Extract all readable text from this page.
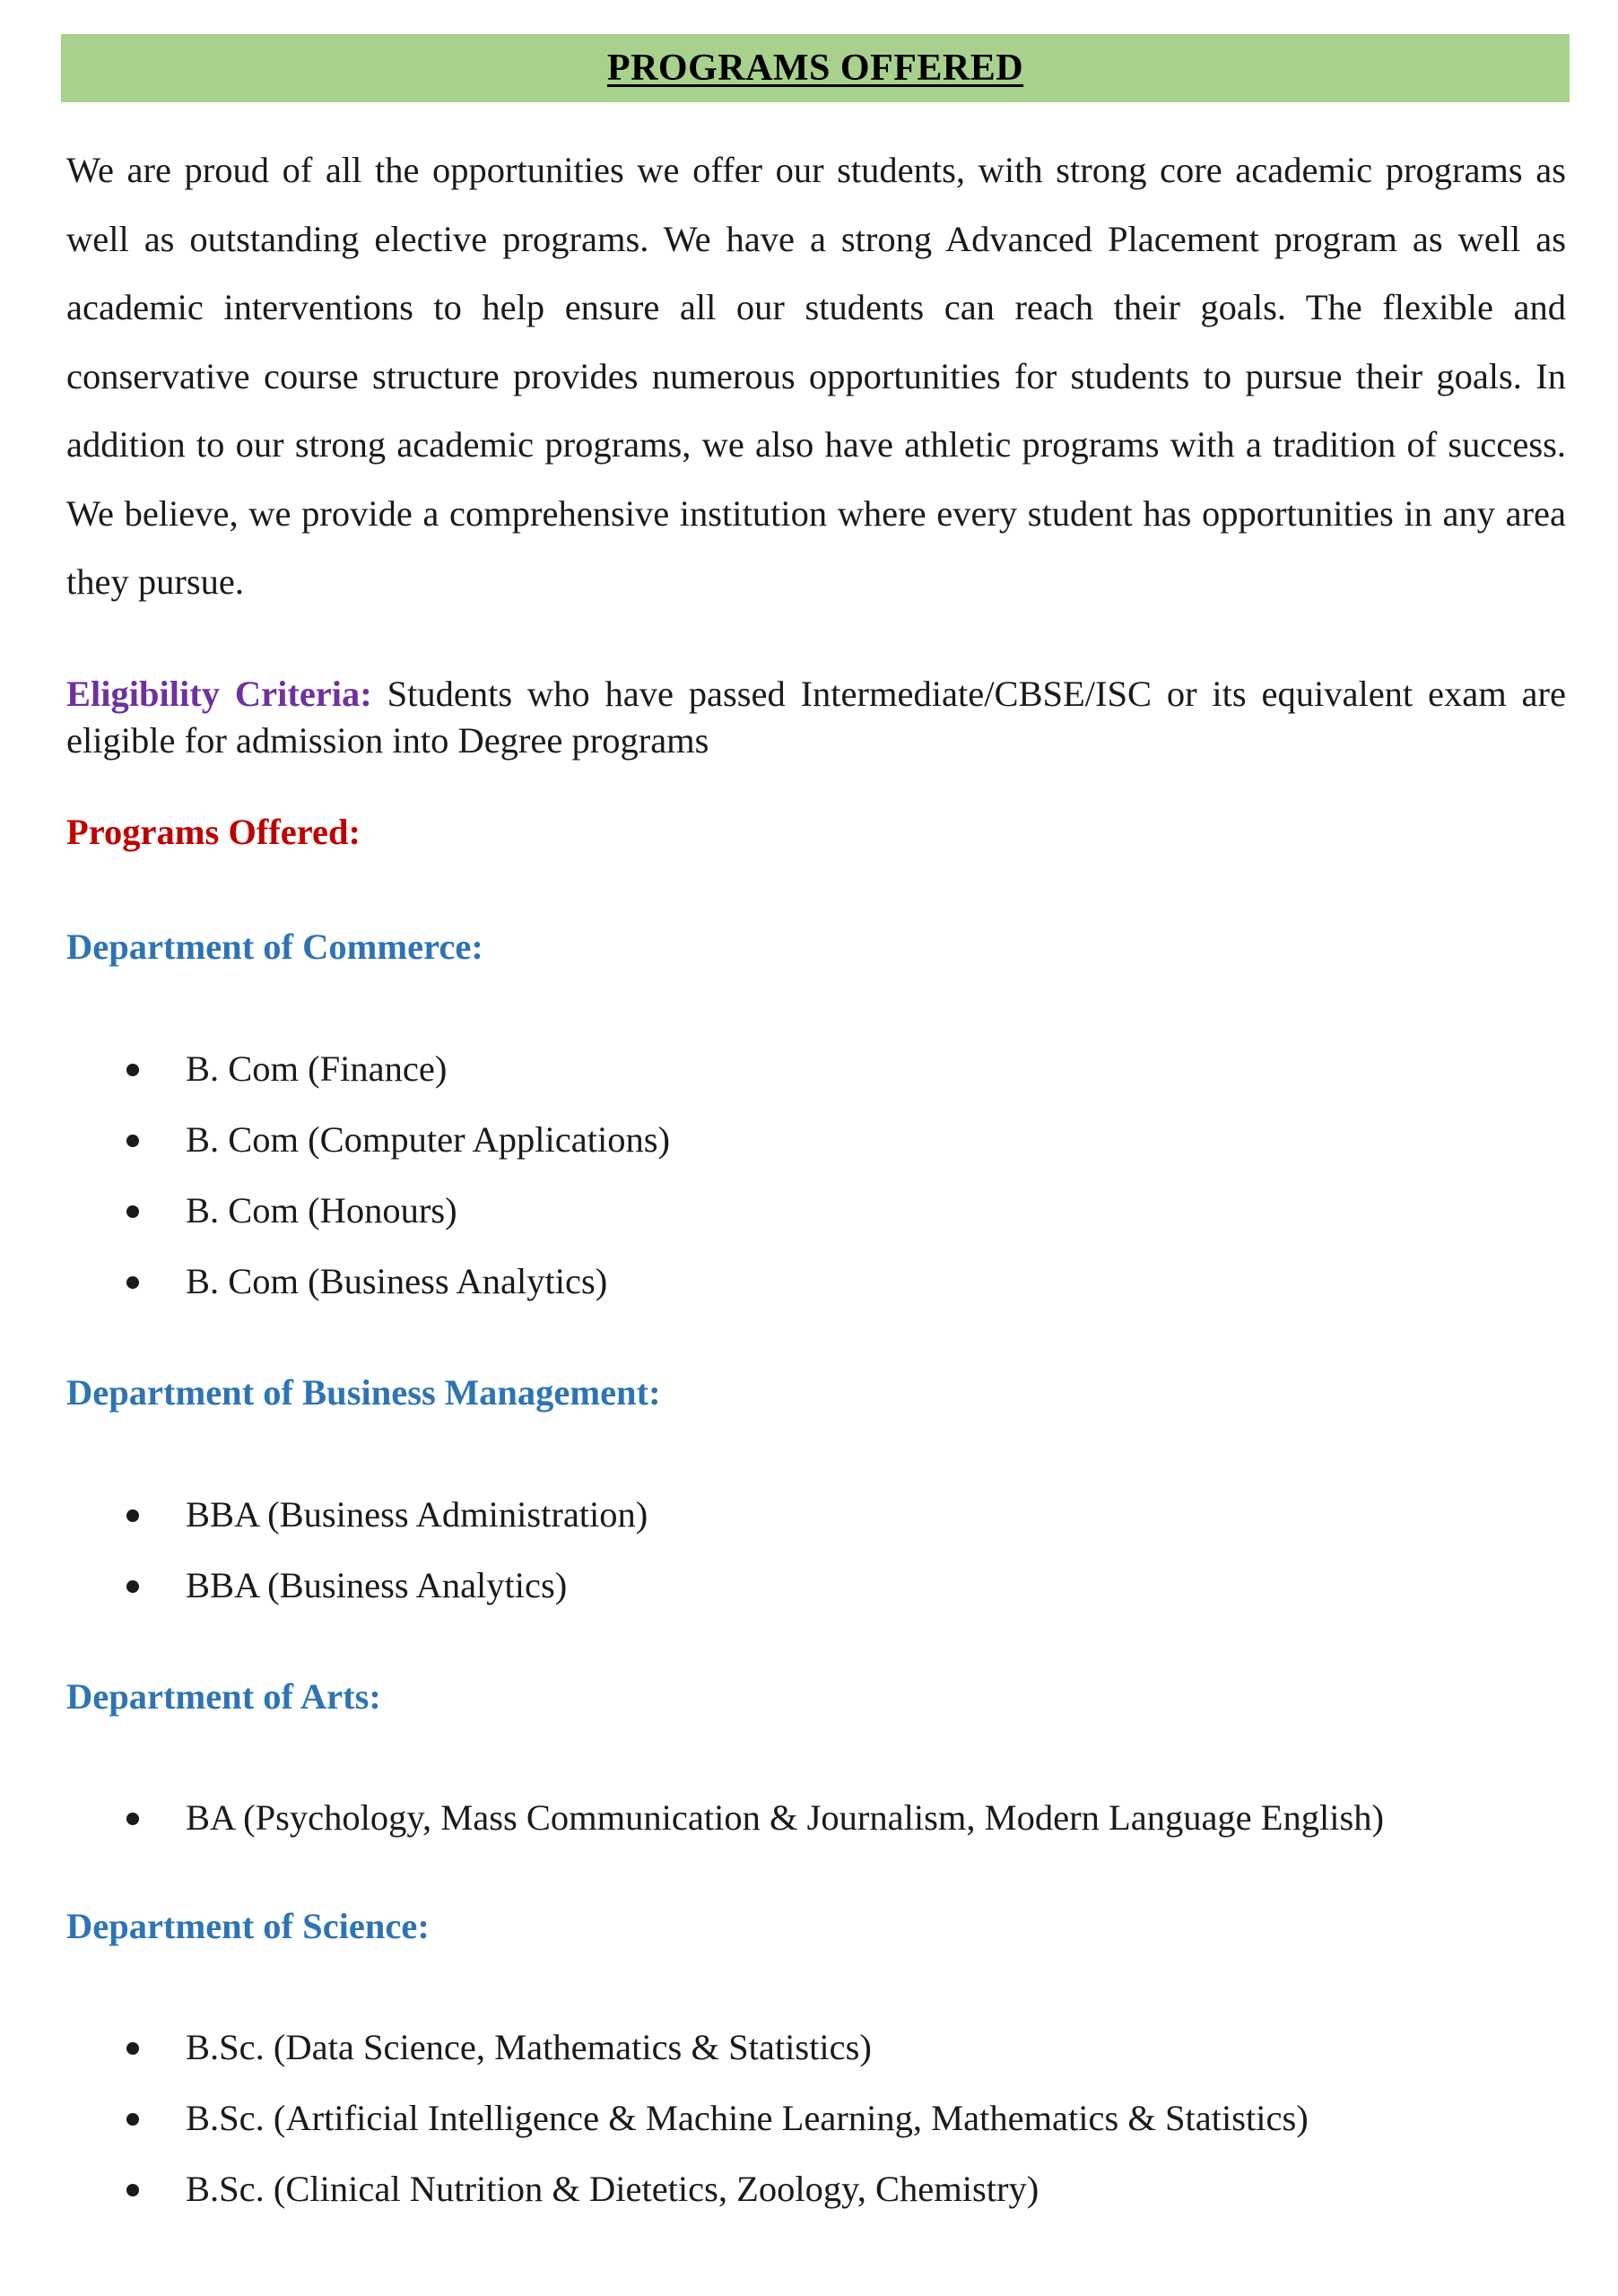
PROGRAMS OFFERED

We are proud of all the opportunities we offer our students, with strong core academic programs as well as outstanding elective programs. We have a strong Advanced Placement program as well as academic interventions to help ensure all our students can reach their goals. The flexible and conservative course structure provides numerous opportunities for students to pursue their goals. In addition to our strong academic programs, we also have athletic programs with a tradition of success. We believe, we provide a comprehensive institution where every student has opportunities in any area they pursue.

Eligibility Criteria: Students who have passed Intermediate/CBSE/ISC or its equivalent exam are eligible for admission into Degree programs

Programs Offered:
Department of Commerce:
B. Com (Finance)
B. Com (Computer Applications)
B. Com (Honours)
B. Com (Business Analytics)
Department of Business Management:
BBA (Business Administration)
BBA (Business Analytics)
Department of Arts:
BA (Psychology, Mass Communication & Journalism, Modern Language English)
Department of Science:
B.Sc. (Data Science, Mathematics & Statistics)
B.Sc. (Artificial Intelligence & Machine Learning, Mathematics & Statistics)
B.Sc. (Clinical Nutrition & Dietetics, Zoology, Chemistry)
